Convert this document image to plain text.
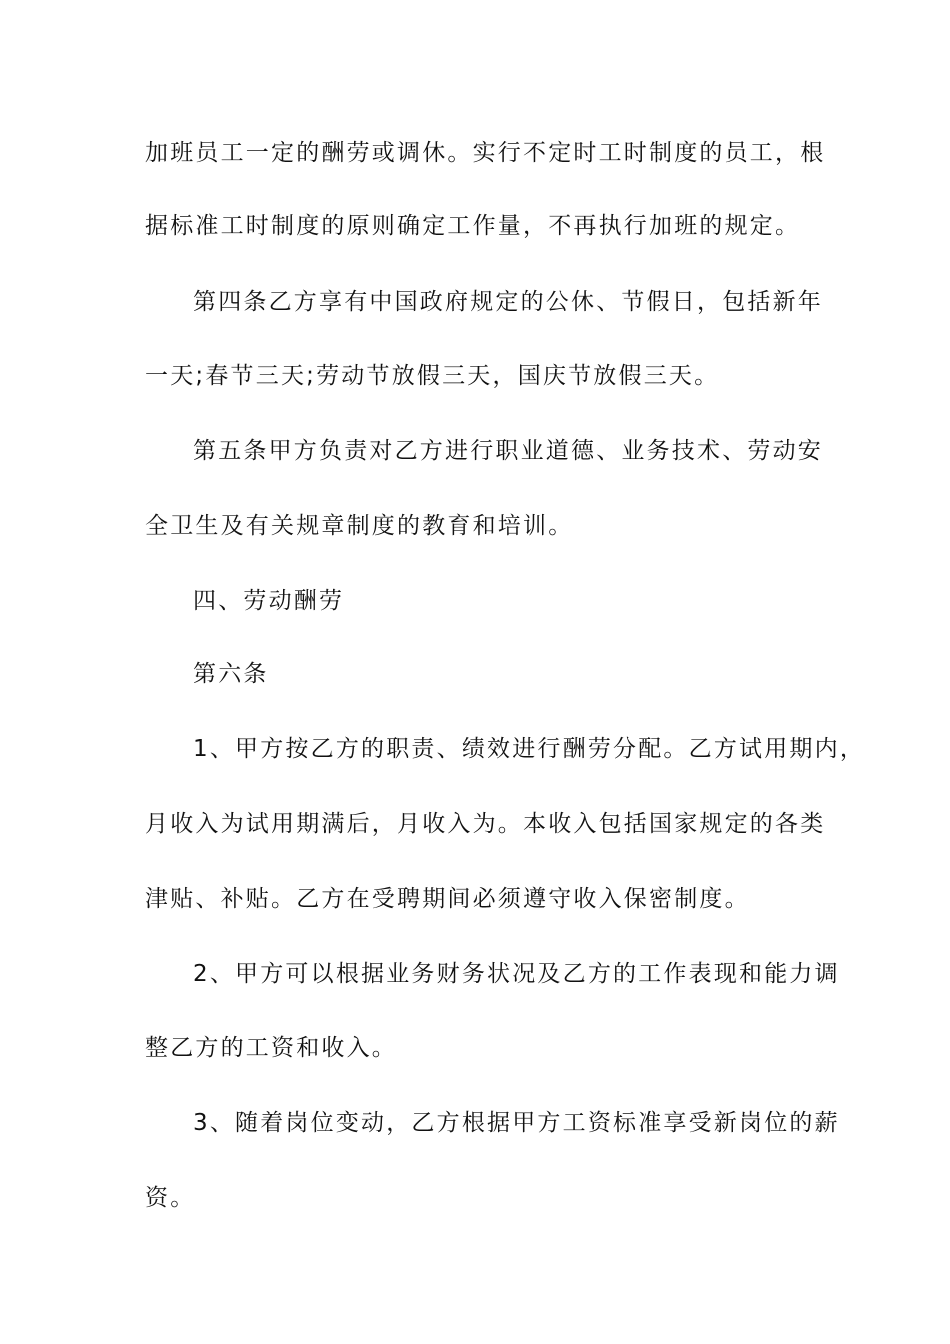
加班员工一定的酬劳或调休。实行不定时工时制度的员工，根
据标准工时制度的原则确定工作量，不再执行加班的规定。
第四条乙方享有中国政府规定的公休、节假日，包括新年
一天;春节三天;劳动节放假三天，国庆节放假三天。
第五条甲方负责对乙方进行职业道德、业务技术、劳动安
全卫生及有关规章制度的教育和培训。
四、劳动酬劳
第六条
1、甲方按乙方的职责、绩效进行酬劳分配。乙方试用期内，
月收入为试用期满后，月收入为。本收入包括国家规定的各类
津贴、补贴。乙方在受聘期间必须遵守收入保密制度。
2、甲方可以根据业务财务状况及乙方的工作表现和能力调
整乙方的工资和收入。
3、随着岗位变动，乙方根据甲方工资标准享受新岗位的薪
资。
